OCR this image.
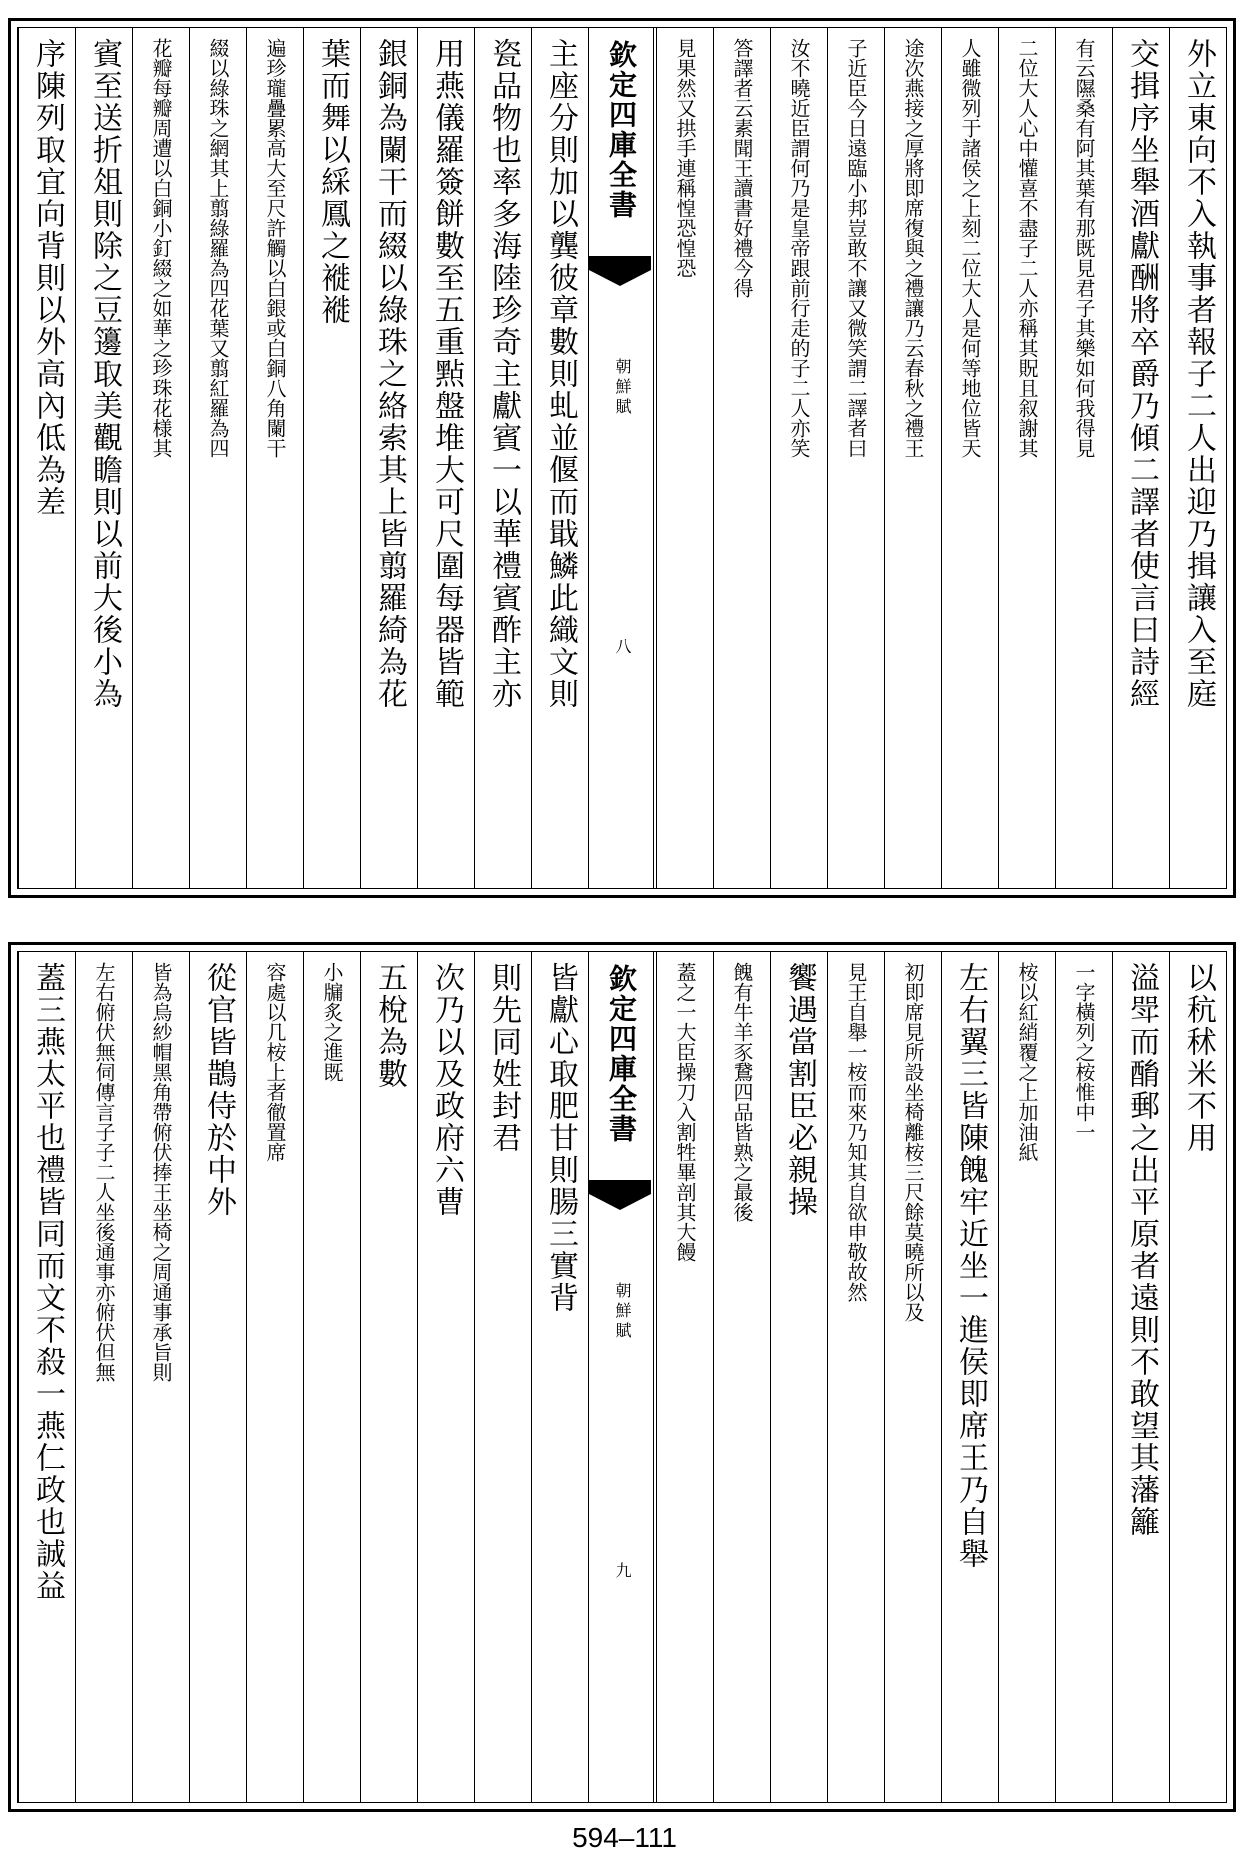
外立東向不入執事者報子二人出迎乃揖讓入至庭
交揖序坐舉酒獻酬將卒爵乃傾二譯者使言曰詩經
有云隰桑有阿其葉有那既見君子其樂如何我得見
二位大人心中懽喜不盡子二人亦稱其貺且叙謝其
人雖微列于諸侯之上刻二位大人是何等地位皆天
途次燕接之厚將即席復與之禮讓乃云春秋之禮王
子近臣今日遠臨小邦豈敢不讓又微笑謂二譯者曰
汝不曉近臣謂何乃是皇帝跟前行走的子二人亦笑
答譯者云素聞王讀書好禮今得
見果然又拱手連稱惶恐惶恐
欽定四庫全書
朝鮮賦
八
主座分則加以龔彼章數則虬並偃而戢鱗此織文則
瓷品物也率多海陸珍奇主獻賓一以華禮賓酢主亦
用燕儀羅簽餅數至五重㸃盤堆大可尺圍每器皆範
銀銅為闌干而綴以綠珠之絡索其上皆翦羅綺為花
葉而舞以綵鳳之褷褷
遍珍瓏疊累高大至尺許觸以白銀或白銅八角闌干
綴以綠珠之網其上翦綠羅為四花葉又翦紅羅為四
花瓣每瓣周遭以白銅小釘綴之如華之珍珠花様其
賓至送折俎則除之豆籩取美觀瞻則以前大後小為
序陳列取宜向背則以外高內低為差
以秔秫米不用
溢斝而酳郵之出平原者遠則不敢望其藩籬
一字橫列之桉惟中一
桉以紅綃覆之上加油紙
左右翼三皆陳餽牢近坐一進侯即席王乃自舉
初即席見所設坐椅離桉三尺餘莫曉所以及
見王自舉一桉而來乃知其自欲申敬故然
饗遇當割臣必親操
餽有牛羊豕鵞四品皆熟之最後
蓋之一大臣操刀入割牲畢剖其大饅
欽定四庫全書
朝鮮賦
九
皆獻心取肥甘則腸三實背
則先同姓封君
次乃以及政府六曹
五梲為數
小牖炙之進既
容處以几桉上者徹置席
從官皆鵲侍於中外
皆為烏紗帽黑角帶俯伏捧王坐椅之周通事承旨則
左右俯伏無伺傳言子子二人坐後通事亦俯伏但無
蓋三燕太平也禮皆同而文不殺一燕仁政也誠益
594–111
